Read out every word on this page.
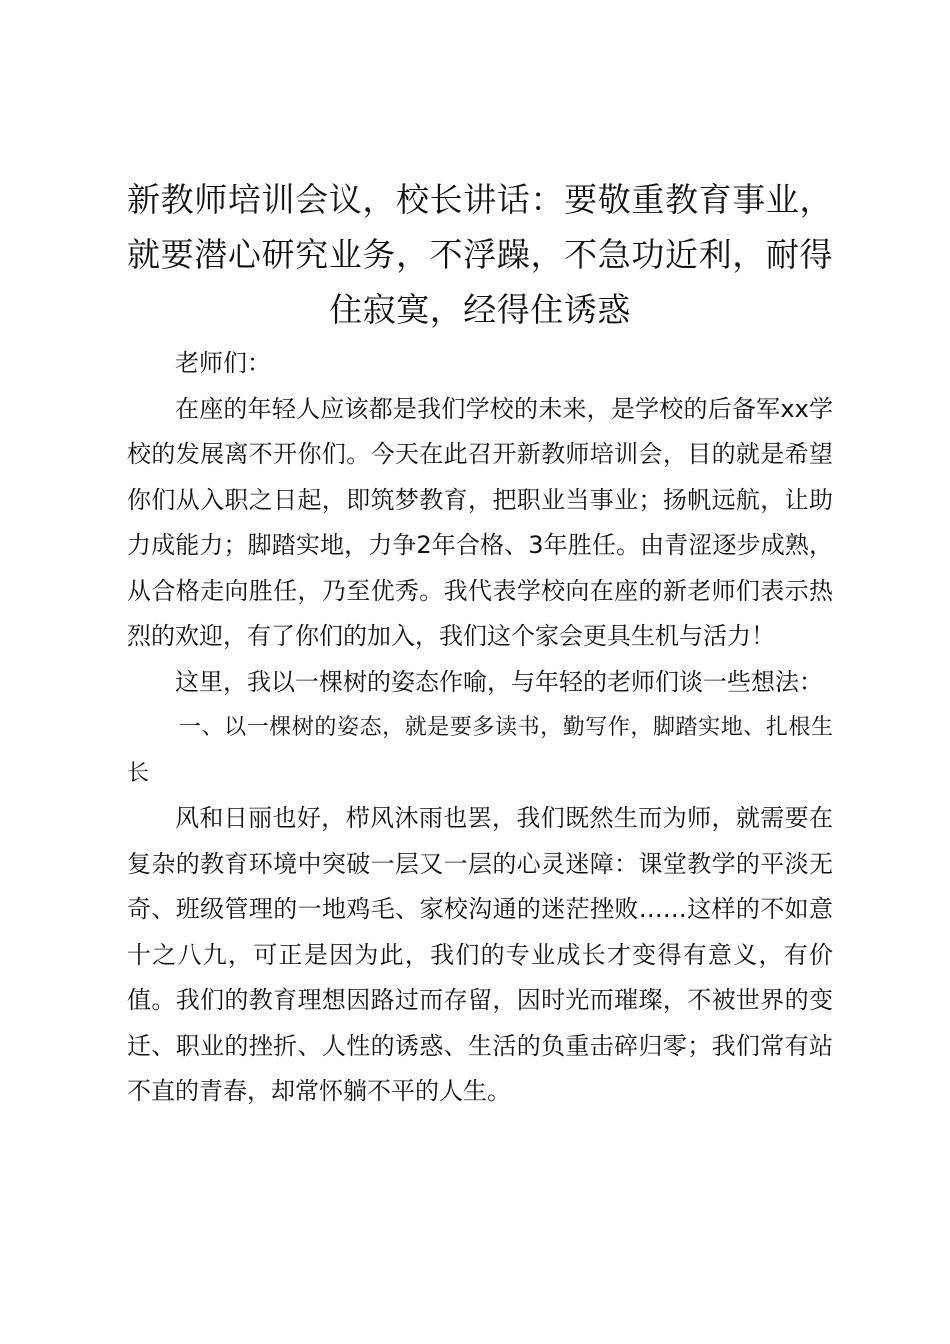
新教师培训会议，校长讲话：要敬重教育事业，就要潜心研究业务，不浮躁，不急功近利，耐得住寂寞，经得住诱惑

老师们：

在座的年轻人应该都是我们学校的未来，是学校的后备军xx学校的发展离不开你们。今天在此召开新教师培训会，目的就是希望你们从入职之日起，即筑梦教育，把职业当事业；扬帆远航，让助力成能力；脚踏实地，力争2年合格、3年胜任。由青涩逐步成熟，从合格走向胜任，乃至优秀。我代表学校向在座的新老师们表示热烈的欢迎，有了你们的加入，我们这个家会更具生机与活力！

这里，我以一棵树的姿态作喻，与年轻的老师们谈一些想法：

一、以一棵树的姿态，就是要多读书，勤写作，脚踏实地、扎根生长

风和日丽也好，栉风沐雨也罢，我们既然生而为师，就需要在复杂的教育环境中突破一层又一层的心灵迷障：课堂教学的平淡无奇、班级管理的一地鸡毛、家校沟通的迷茫挫败……这样的不如意十之八九，可正是因为此，我们的专业成长才变得有意义，有价值。我们的教育理想因路过而存留，因时光而璀璨，不被世界的变迁、职业的挫折、人性的诱惑、生活的负重击碎归零；我们常有站不直的青春，却常怀躺不平的人生。
